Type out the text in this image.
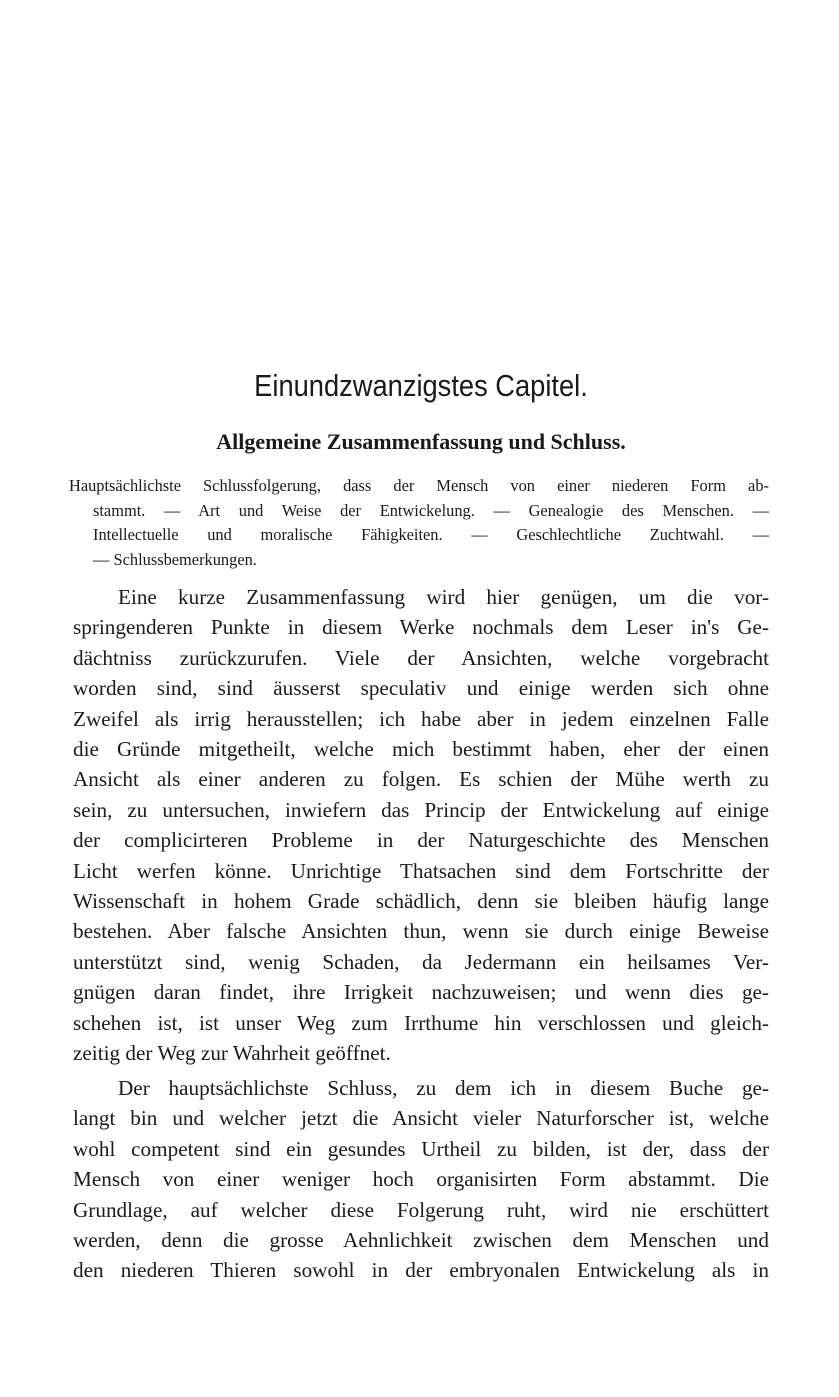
Einundzwanzigstes Capitel.
Allgemeine Zusammenfassung und Schluss.
Hauptsächlichste Schlussfolgerung, dass der Mensch von einer niederen Form ab-
stammt. — Art und Weise der Entwickelung. — Genealogie des Menschen. —
Intellectuelle und moralische Fähigkeiten. — Geschlechtliche Zuchtwahl. —
— Schlussbemerkungen.
Eine kurze Zusammenfassung wird hier genügen, um die vor-
springenderen Punkte in diesem Werke nochmals dem Leser in's Ge-
dächtniss zurückzurufen. Viele der Ansichten, welche vorgebracht
worden sind, sind äusserst speculativ und einige werden sich ohne
Zweifel als irrig herausstellen; ich habe aber in jedem einzelnen Falle
die Gründe mitgetheilt, welche mich bestimmt haben, eher der einen
Ansicht als einer anderen zu folgen. Es schien der Mühe werth zu
sein, zu untersuchen, inwiefern das Princip der Entwickelung auf einige
der complicirteren Probleme in der Naturgeschichte des Menschen
Licht werfen könne. Unrichtige Thatsachen sind dem Fortschritte der
Wissenschaft in hohem Grade schädlich, denn sie bleiben häufig lange
bestehen. Aber falsche Ansichten thun, wenn sie durch einige Beweise
unterstützt sind, wenig Schaden, da Jedermann ein heilsames Ver-
gnügen daran findet, ihre Irrigkeit nachzuweisen; und wenn dies ge-
schehen ist, ist unser Weg zum Irrthume hin verschlossen und gleich-
zeitig der Weg zur Wahrheit geöffnet.
Der hauptsächlichste Schluss, zu dem ich in diesem Buche ge-
langt bin und welcher jetzt die Ansicht vieler Naturforscher ist, welche
wohl competent sind ein gesundes Urtheil zu bilden, ist der, dass der
Mensch von einer weniger hoch organisirten Form abstammt. Die
Grundlage, auf welcher diese Folgerung ruht, wird nie erschüttert
werden, denn die grosse Aehnlichkeit zwischen dem Menschen und
den niederen Thieren sowohl in der embryonalen Entwickelung als in
